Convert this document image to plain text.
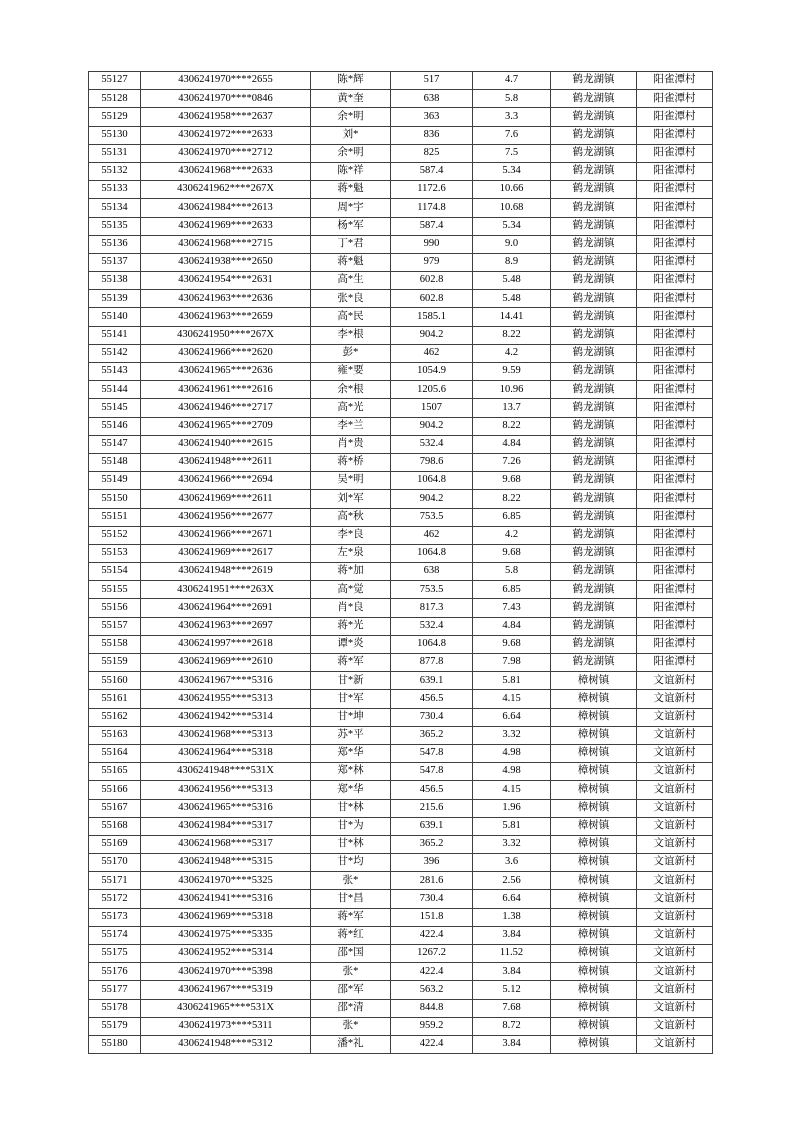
55127	4306241970****2655	陈*辉	517	4.7	鹤龙湖镇	阳雀潭村
55128	4306241970****0846	黄*奎	638	5.8	鹤龙湖镇	阳雀潭村
55129	4306241958****2637	余*明	363	3.3	鹤龙湖镇	阳雀潭村
55130	4306241972****2633	刘*	836	7.6	鹤龙湖镇	阳雀潭村
55131	4306241970****2712	余*明	825	7.5	鹤龙湖镇	阳雀潭村
55132	4306241968****2633	陈*祥	587.4	5.34	鹤龙湖镇	阳雀潭村
55133	4306241962****267X	蒋*魁	1172.6	10.66	鹤龙湖镇	阳雀潭村
55134	4306241984****2613	周*宇	1174.8	10.68	鹤龙湖镇	阳雀潭村
55135	4306241969****2633	杨*军	587.4	5.34	鹤龙湖镇	阳雀潭村
55136	4306241968****2715	丁*君	990	9.0	鹤龙湖镇	阳雀潭村
55137	4306241938****2650	蒋*魁	979	8.9	鹤龙湖镇	阳雀潭村
55138	4306241954****2631	高*生	602.8	5.48	鹤龙湖镇	阳雀潭村
55139	4306241963****2636	张*良	602.8	5.48	鹤龙湖镇	阳雀潭村
55140	4306241963****2659	高*民	1585.1	14.41	鹤龙湖镇	阳雀潭村
55141	4306241950****267X	李*根	904.2	8.22	鹤龙湖镇	阳雀潭村
55142	4306241966****2620	彭*	462	4.2	鹤龙湖镇	阳雀潭村
55143	4306241965****2636	雍*要	1054.9	9.59	鹤龙湖镇	阳雀潭村
55144	4306241961****2616	余*根	1205.6	10.96	鹤龙湖镇	阳雀潭村
55145	4306241946****2717	高*光	1507	13.7	鹤龙湖镇	阳雀潭村
55146	4306241965****2709	李*兰	904.2	8.22	鹤龙湖镇	阳雀潭村
55147	4306241940****2615	肖*贵	532.4	4.84	鹤龙湖镇	阳雀潭村
55148	4306241948****2611	蒋*桥	798.6	7.26	鹤龙湖镇	阳雀潭村
55149	4306241966****2694	吴*明	1064.8	9.68	鹤龙湖镇	阳雀潭村
55150	4306241969****2611	刘*军	904.2	8.22	鹤龙湖镇	阳雀潭村
55151	4306241956****2677	高*秋	753.5	6.85	鹤龙湖镇	阳雀潭村
55152	4306241966****2671	李*良	462	4.2	鹤龙湖镇	阳雀潭村
55153	4306241969****2617	左*泉	1064.8	9.68	鹤龙湖镇	阳雀潭村
55154	4306241948****2619	蒋*加	638	5.8	鹤龙湖镇	阳雀潭村
55155	4306241951****263X	高*觉	753.5	6.85	鹤龙湖镇	阳雀潭村
55156	4306241964****2691	肖*良	817.3	7.43	鹤龙湖镇	阳雀潭村
55157	4306241963****2697	蒋*光	532.4	4.84	鹤龙湖镇	阳雀潭村
55158	4306241997****2618	谭*炎	1064.8	9.68	鹤龙湖镇	阳雀潭村
55159	4306241969****2610	蒋*军	877.8	7.98	鹤龙湖镇	阳雀潭村
55160	4306241967****5316	甘*新	639.1	5.81	樟树镇	文谊新村
55161	4306241955****5313	甘*军	456.5	4.15	樟树镇	文谊新村
55162	4306241942****5314	甘*坤	730.4	6.64	樟树镇	文谊新村
55163	4306241968****5313	苏*平	365.2	3.32	樟树镇	文谊新村
55164	4306241964****5318	郑*华	547.8	4.98	樟树镇	文谊新村
55165	4306241948****531X	郑*林	547.8	4.98	樟树镇	文谊新村
55166	4306241956****5313	郑*华	456.5	4.15	樟树镇	文谊新村
55167	4306241965****5316	甘*林	215.6	1.96	樟树镇	文谊新村
55168	4306241984****5317	甘*为	639.1	5.81	樟树镇	文谊新村
55169	4306241968****5317	甘*林	365.2	3.32	樟树镇	文谊新村
55170	4306241948****5315	甘*均	396	3.6	樟树镇	文谊新村
55171	4306241970****5325	张*	281.6	2.56	樟树镇	文谊新村
55172	4306241941****5316	甘*昌	730.4	6.64	樟树镇	文谊新村
55173	4306241969****5318	蒋*军	151.8	1.38	樟树镇	文谊新村
55174	4306241975****5335	蒋*红	422.4	3.84	樟树镇	文谊新村
55175	4306241952****5314	邵*国	1267.2	11.52	樟树镇	文谊新村
55176	4306241970****5398	张*	422.4	3.84	樟树镇	文谊新村
55177	4306241967****5319	邵*军	563.2	5.12	樟树镇	文谊新村
55178	4306241965****531X	邵*清	844.8	7.68	樟树镇	文谊新村
55179	4306241973****5311	张*	959.2	8.72	樟树镇	文谊新村
55180	4306241948****5312	潘*礼	422.4	3.84	樟树镇	文谊新村
